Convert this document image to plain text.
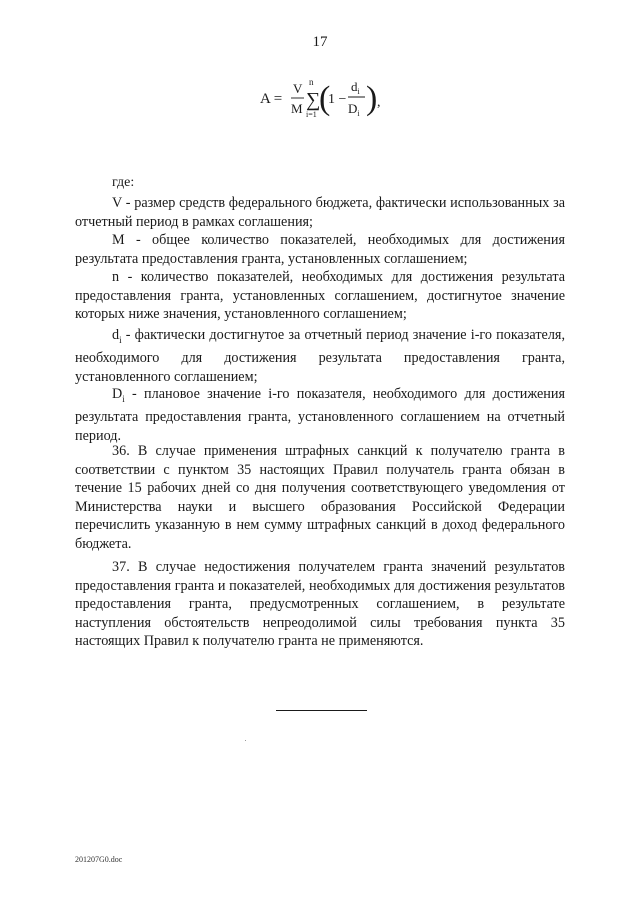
17
A =
V
M
n
∑
i=1 (
1 −
$d_i$
$D_i$ ) ,
где:
V - размер средств федерального бюджета, фактически использованных за отчетный период в рамках соглашения;
M - общее количество показателей, необходимых для достижения результата предоставления гранта, установленных соглашением;
n - количество показателей, необходимых для достижения результата предоставления гранта, установленных соглашением, достигнутое значение которых ниже значения, установленного соглашением;
$d_i$ - фактически достигнутое за отчетный период значение i-го показателя, необходимого для достижения результата предоставления гранта, установленного соглашением;
$D_i$ - плановое значение i-го показателя, необходимого для достижения результата предоставления гранта, установленного соглашением на отчетный период.
36. В случае применения штрафных санкций к получателю гранта в соответствии с пунктом 35 настоящих Правил получатель гранта обязан в течение 15 рабочих дней со дня получения соответствующего уведомления от Министерства науки и высшего образования Российской Федерации перечислить указанную в нем сумму штрафных санкций в доход федерального бюджета.
37. В случае недостижения получателем гранта значений результатов предоставления гранта и показателей, необходимых для достижения результатов предоставления гранта, предусмотренных соглашением, в результате наступления обстоятельств непреодолимой силы требования пункта 35 настоящих Правил к получателю гранта не применяются.
201207G0.doc
